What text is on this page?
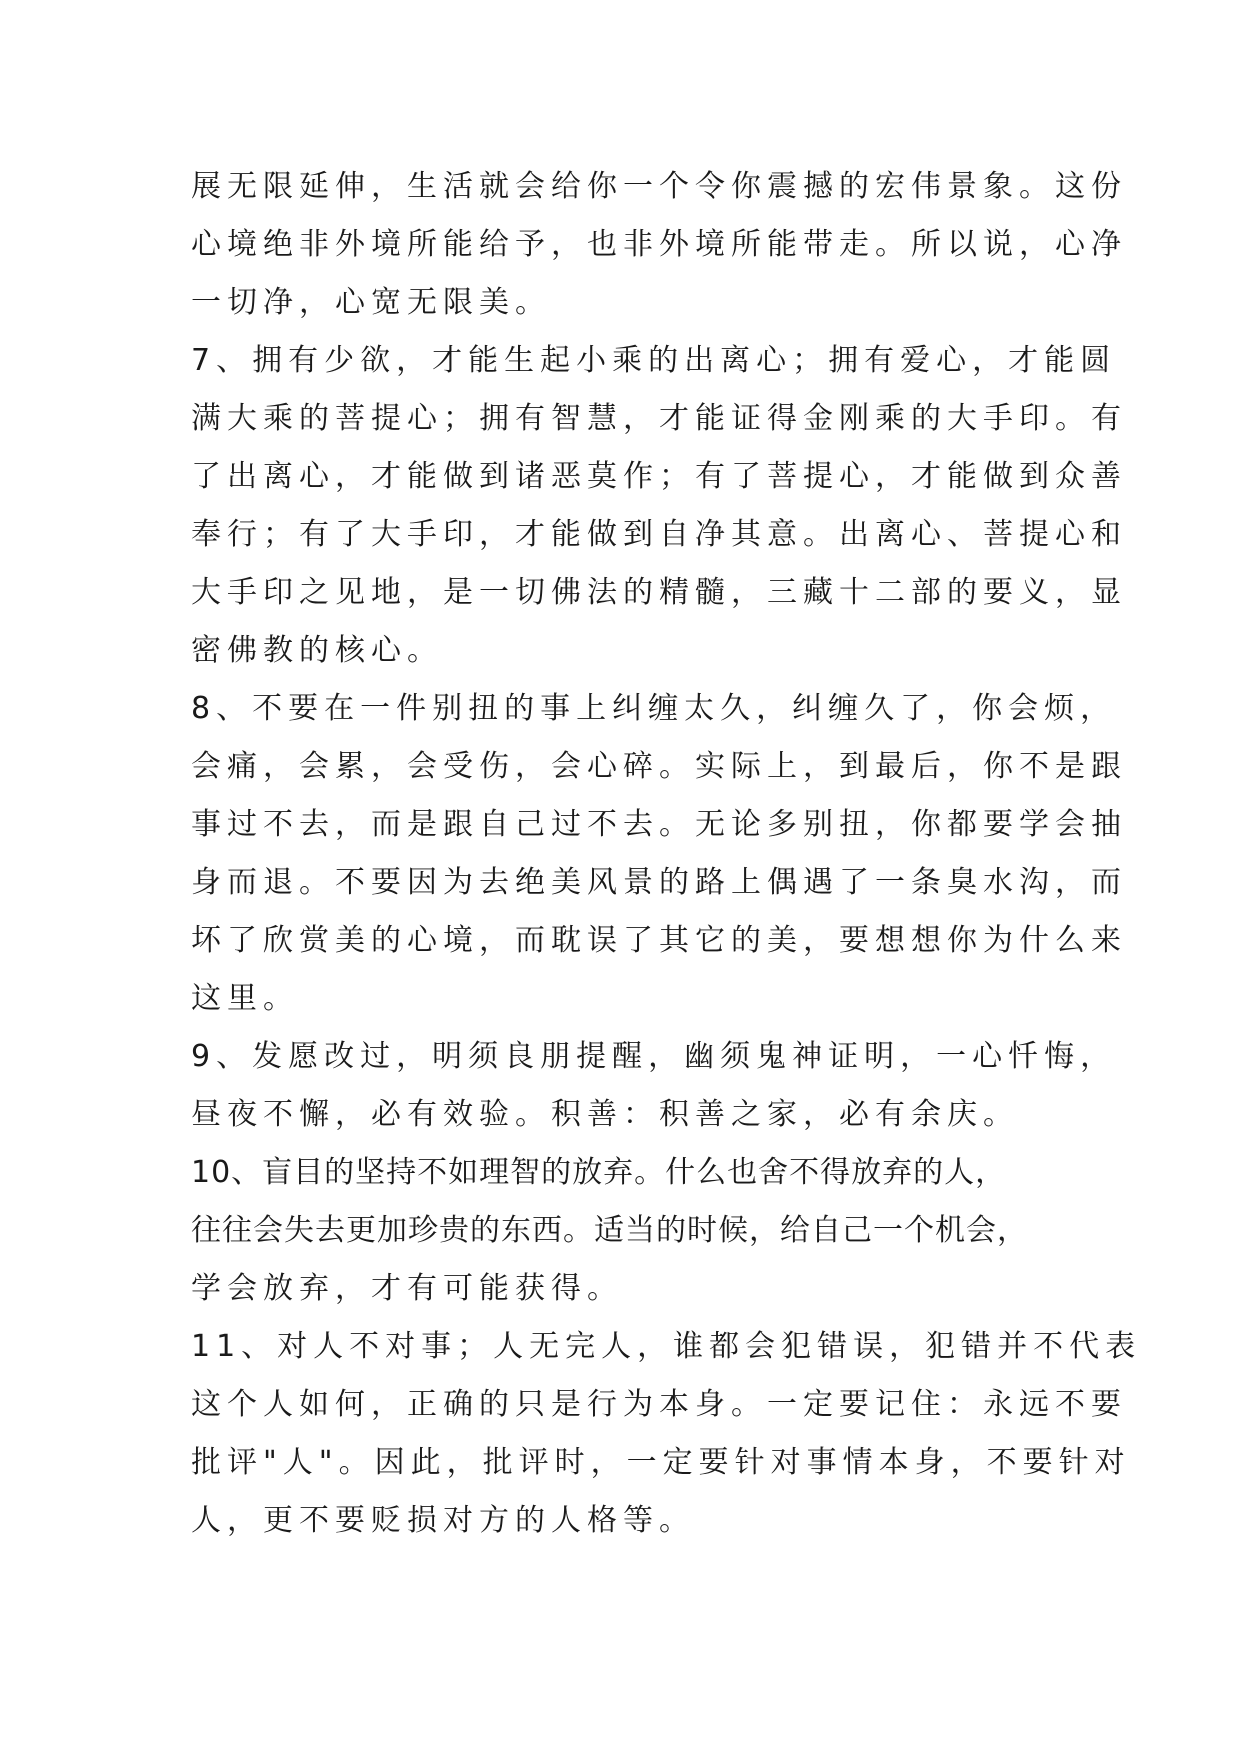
展无限延伸，生活就会给你一个令你震撼的宏伟景象。这份
心境绝非外境所能给予，也非外境所能带走。所以说，心净
一切净，心宽无限美。
7、拥有少欲，才能生起小乘的出离心；拥有爱心，才能圆
满大乘的菩提心；拥有智慧，才能证得金刚乘的大手印。有
了出离心，才能做到诸恶莫作；有了菩提心，才能做到众善
奉行；有了大手印，才能做到自净其意。出离心、菩提心和
大手印之见地，是一切佛法的精髓，三藏十二部的要义，显
密佛教的核心。
8、不要在一件别扭的事上纠缠太久，纠缠久了，你会烦，
会痛，会累，会受伤，会心碎。实际上，到最后，你不是跟
事过不去，而是跟自己过不去。无论多别扭，你都要学会抽
身而退。不要因为去绝美风景的路上偶遇了一条臭水沟，而
坏了欣赏美的心境，而耽误了其它的美，要想想你为什么来
这里。
9、发愿改过，明须良朋提醒，幽须鬼神证明，一心忏悔，
昼夜不懈，必有效验。积善：积善之家，必有余庆。
10、盲目的坚持不如理智的放弃。什么也舍不得放弃的人，
往往会失去更加珍贵的东西。适当的时候，给自己一个机会，
学会放弃，才有可能获得。
11、对人不对事；人无完人，谁都会犯错误，犯错并不代表
这个人如何，正确的只是行为本身。一定要记住：永远不要
批评"人"。因此，批评时，一定要针对事情本身，不要针对
人，更不要贬损对方的人格等。
